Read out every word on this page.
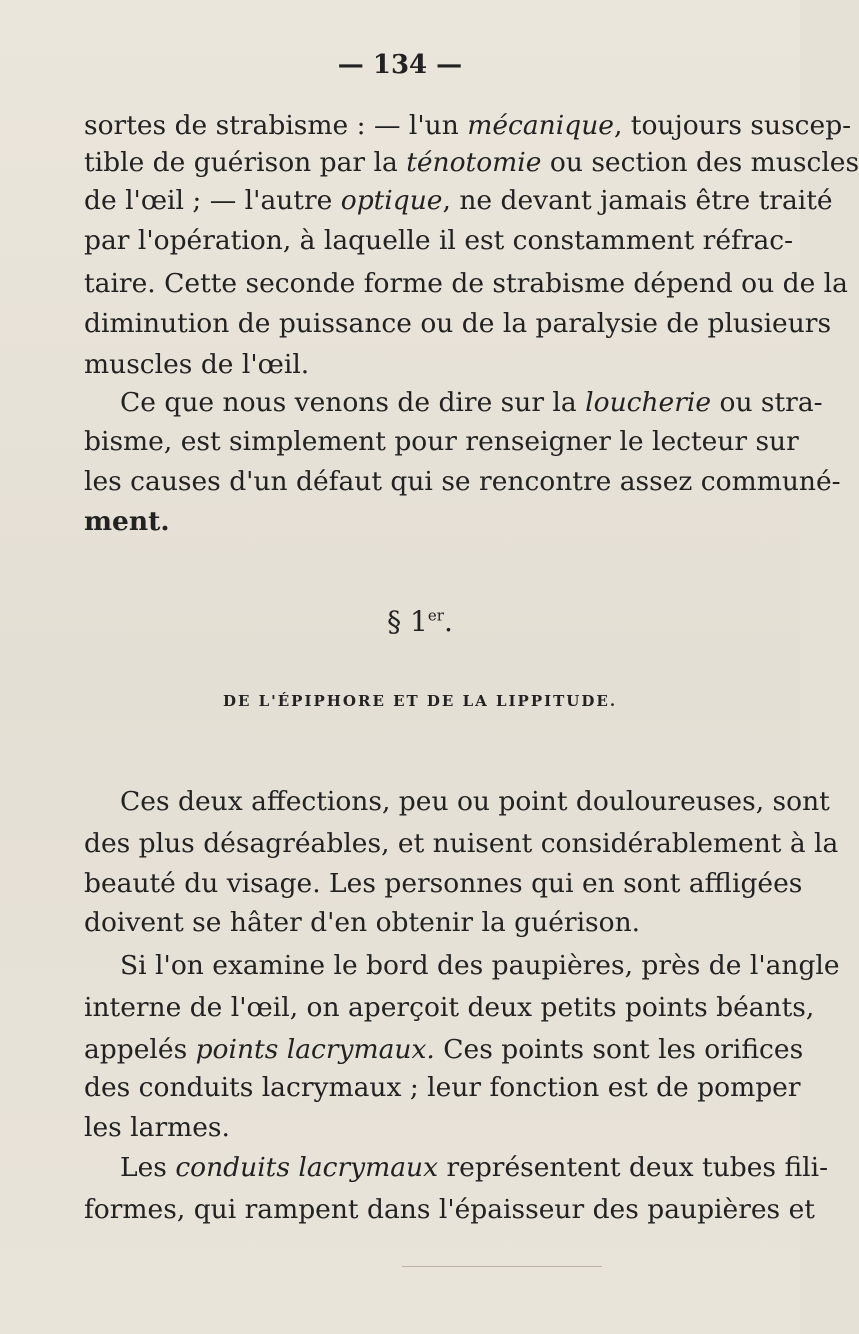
— 134 —
sortes de strabisme : — l'un mécanique, toujours suscep-
tible de guérison par la ténotomie ou section des muscles
de l'œil ; — l'autre optique, ne devant jamais être traité
par l'opération, à laquelle il est constamment réfrac-
taire. Cette seconde forme de strabisme dépend ou de la
diminution de puissance ou de la paralysie de plusieurs
muscles de l'œil.
Ce que nous venons de dire sur la loucherie ou stra-
bisme, est simplement pour renseigner le lecteur sur
les causes d'un défaut qui se rencontre assez communé-
ment.
§ 1er.
DE L'ÉPIPHORE ET DE LA LIPPITUDE.
Ces deux affections, peu ou point douloureuses, sont
des plus désagréables, et nuisent considérablement à la
beauté du visage. Les personnes qui en sont affligées
doivent se hâter d'en obtenir la guérison.
Si l'on examine le bord des paupières, près de l'angle
interne de l'œil, on aperçoit deux petits points béants,
appelés points lacrymaux. Ces points sont les orifices
des conduits lacrymaux ; leur fonction est de pomper
les larmes.
Les conduits lacrymaux représentent deux tubes fili-
formes, qui rampent dans l'épaisseur des paupières et
